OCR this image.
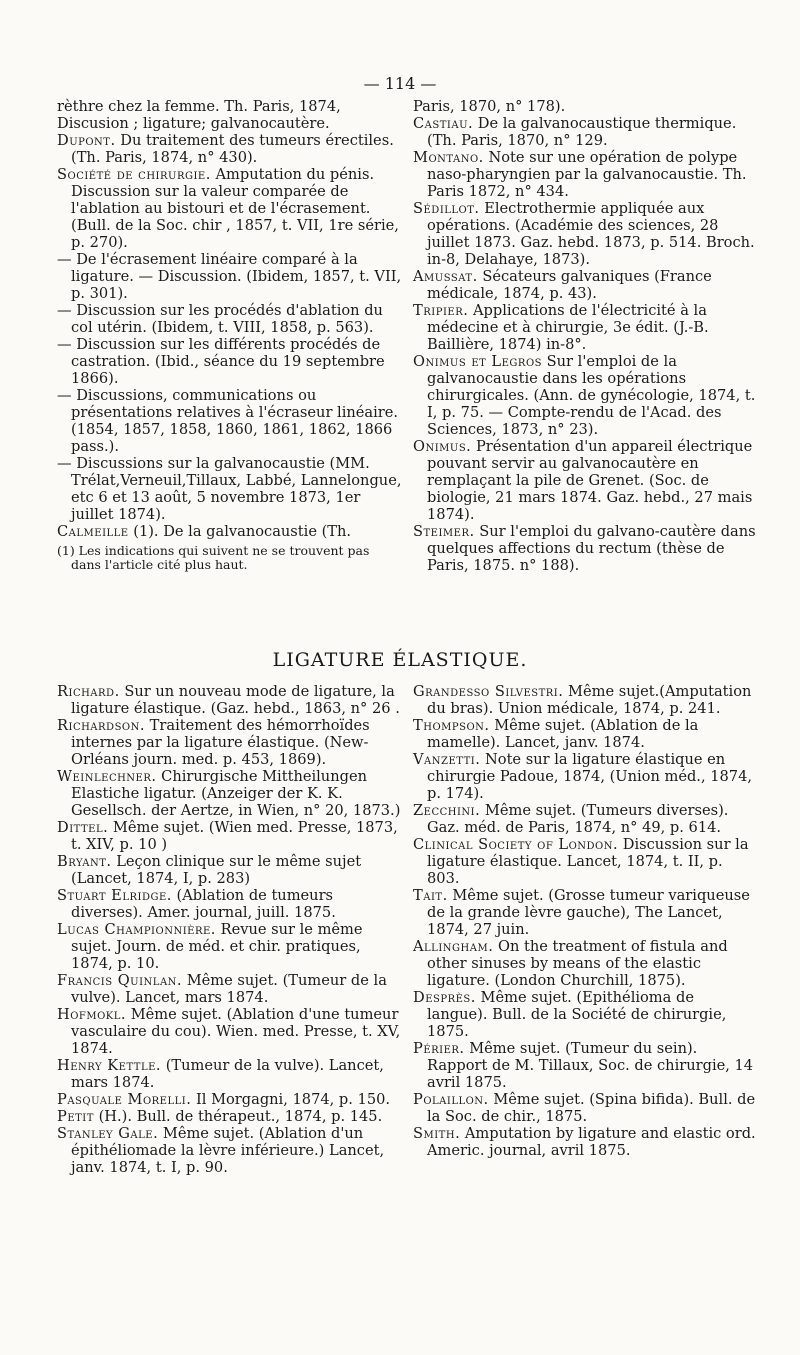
— 114 —

rèthre chez la femme. Th. Paris, 1874, Discusion ; ligature; galvanocautère.

Dupont. Du traitement des tumeurs érectiles. (Th. Paris, 1874, n° 430).

Société de chirurgie. Amputation du pénis. Discussion sur la valeur comparée de l'ablation au bistouri et de l'écrasement. (Bull. de la Soc. chir , 1857, t. VII, 1re série, p. 270).

— De l'écrasement linéaire comparé à la ligature. — Discussion. (Ibidem, 1857, t. VII, p. 301).

— Discussion sur les procédés d'ablation du col utérin. (Ibidem, t. VIII, 1858, p. 563).

— Discussion sur les différents procédés de castration. (Ibid., séance du 19 septembre 1866).

— Discussions, communications ou présentations relatives à l'écraseur linéaire. (1854, 1857, 1858, 1860, 1861, 1862, 1866 pass.).

— Discussions sur la galvanocaustie (MM. Trélat,Verneuil,Tillaux, Labbé, Lannelongue, etc 6 et 13 août, 5 novembre 1873, 1er juillet 1874).

Calmeille (1). De la galvanocaustie (Th.

(1) Les indications qui suivent ne se trouvent pas dans l'article cité plus haut.

Paris, 1870, n° 178).

Castiau. De la galvanocaustique thermique. (Th. Paris, 1870, n° 129.

Montano. Note sur une opération de polype naso-pharyngien par la galvanocaustie. Th. Paris 1872, n° 434.

Sédillot. Electrothermie appliquée aux opérations. (Académie des sciences, 28 juillet 1873. Gaz. hebd. 1873, p. 514. Broch. in-8, Delahaye, 1873).

Amussat. Sécateurs galvaniques (France médicale, 1874, p. 43).

Tripier. Applications de l'électricité à la médecine et à chirurgie, 3e édit. (J.-B. Baillière, 1874) in-8°.

Onimus et Legros Sur l'emploi de la galvanocaustie dans les opérations chirurgicales. (Ann. de gynécologie, 1874, t. I, p. 75. — Compte-rendu de l'Acad. des Sciences, 1873, n° 23).

Onimus. Présentation d'un appareil électrique pouvant servir au galvanocautère en remplaçant la pile de Grenet. (Soc. de biologie, 21 mars 1874. Gaz. hebd., 27 mais 1874).

Steimer. Sur l'emploi du galvano-cautère dans quelques affections du rectum (thèse de Paris, 1875. n° 188).

LIGATURE ÉLASTIQUE.

Richard. Sur un nouveau mode de ligature, la ligature élastique. (Gaz. hebd., 1863, n° 26 .

Richardson. Traitement des hémorrhoïdes internes par la ligature élastique. (New-Orléans journ. med. p. 453, 1869).

Weinlechner. Chirurgische Mittheilungen Elastiche ligatur. (Anzeiger der K. K. Gesellsch. der Aertze, in Wien, n° 20, 1873.)

Dittel. Même sujet. (Wien med. Presse, 1873, t. XIV, p. 10 )

Bryant. Leçon clinique sur le même sujet (Lancet, 1874, I, p. 283)

Stuart Elridge. (Ablation de tumeurs diverses). Amer. journal, juill. 1875.

Lucas Championnière. Revue sur le même sujet. Journ. de méd. et chir. pratiques, 1874, p. 10.

Francis Quinlan. Même sujet. (Tumeur de la vulve). Lancet, mars 1874.

Hofmokl. Même sujet. (Ablation d'une tumeur vasculaire du cou). Wien. med. Presse, t. XV, 1874.

Henry Kettle. (Tumeur de la vulve). Lancet, mars 1874.

Pasquale Morelli. Il Morgagni, 1874, p. 150.

Petit (H.). Bull. de thérapeut., 1874, p. 145.

Stanley Gale. Même sujet. (Ablation d'un épithéliomade la lèvre inférieure.) Lancet, janv. 1874, t. I, p. 90.

Grandesso Silvestri. Même sujet.(Amputation du bras). Union médicale, 1874, p. 241.

Thompson. Même sujet. (Ablation de la mamelle). Lancet, janv. 1874.

Vanzetti. Note sur la ligature élastique en chirurgie Padoue, 1874, (Union méd., 1874, p. 174).

Zecchini. Même sujet. (Tumeurs diverses). Gaz. méd. de Paris, 1874, n° 49, p. 614.

Clinical Society of London. Discussion sur la ligature élastique. Lancet, 1874, t. II, p. 803.

Tait. Même sujet. (Grosse tumeur variqueuse de la grande lèvre gauche), The Lancet, 1874, 27 juin.

Allingham. On the treatment of fistula and other sinuses by means of the elastic ligature. (London Churchill, 1875).

Desprès. Même sujet. (Epithélioma de langue). Bull. de la Société de chirurgie, 1875.

Périer. Même sujet. (Tumeur du sein). Rapport de M. Tillaux, Soc. de chirurgie, 14 avril 1875.

Polaillon. Même sujet. (Spina bifida). Bull. de la Soc. de chir., 1875.

Smith. Amputation by ligature and elastic ord. Americ. journal, avril 1875.
